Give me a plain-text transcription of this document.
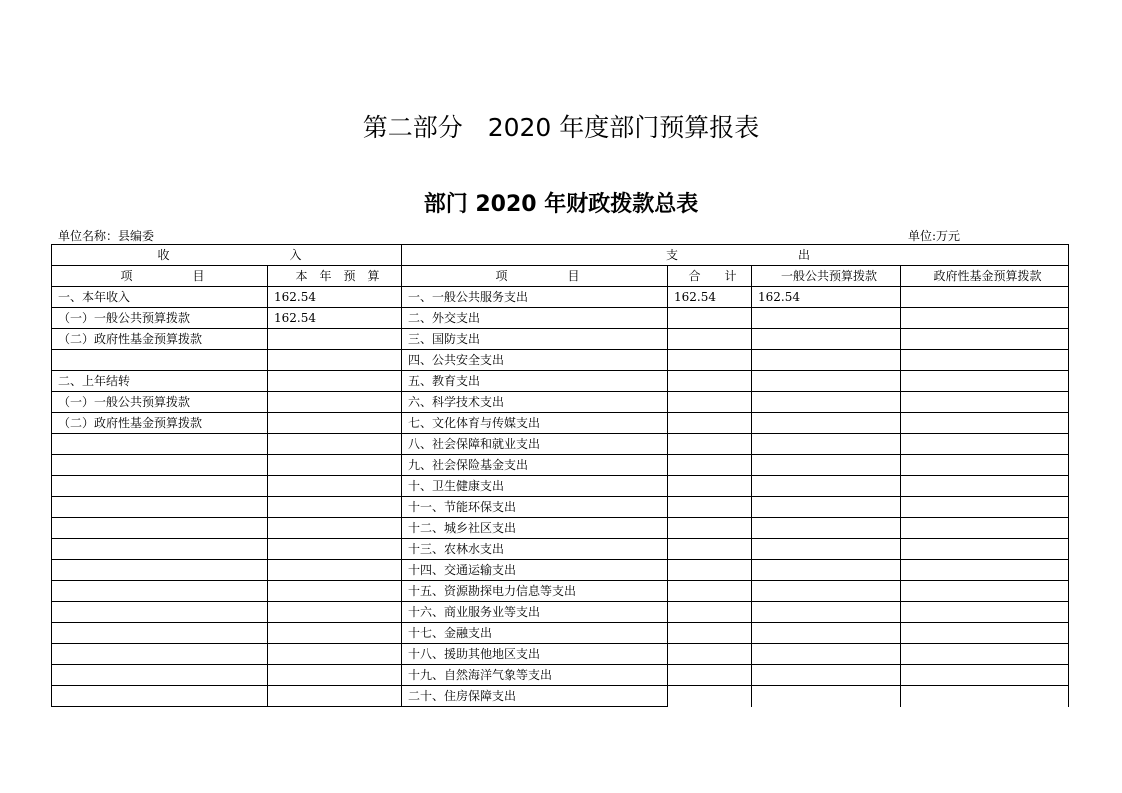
第二部分　2020 年度部门预算报表
部门 2020 年财政拨款总表
单位名称：县编委	单位:万元
收　　　　　　　　　　入		支　　　　　　　　　　出			
项　　　　　目	本　年　预　算	项　　　　　目	合　　计	一般公共预算拨款	政府性基金预算拨款
一、本年收入	162.54	一、一般公共服务支出	162.54	162.54	
（一）一般公共预算拨款	162.54	二、外交支出			
（二）政府性基金预算拨款		三、国防支出			
		四、公共安全支出			
二、上年结转		五、教育支出			
（一）一般公共预算拨款		六、科学技术支出			
（二）政府性基金预算拨款		七、文化体育与传媒支出			
		八、社会保障和就业支出			
		九、社会保险基金支出			
		十、卫生健康支出			
		十一、节能环保支出			
		十二、城乡社区支出			
		十三、农林水支出			
		十四、交通运输支出			
		十五、资源勘探电力信息等支出			
		十六、商业服务业等支出			
		十七、金融支出			
		十八、援助其他地区支出			
		十九、自然海洋气象等支出			
		二十、住房保障支出			
